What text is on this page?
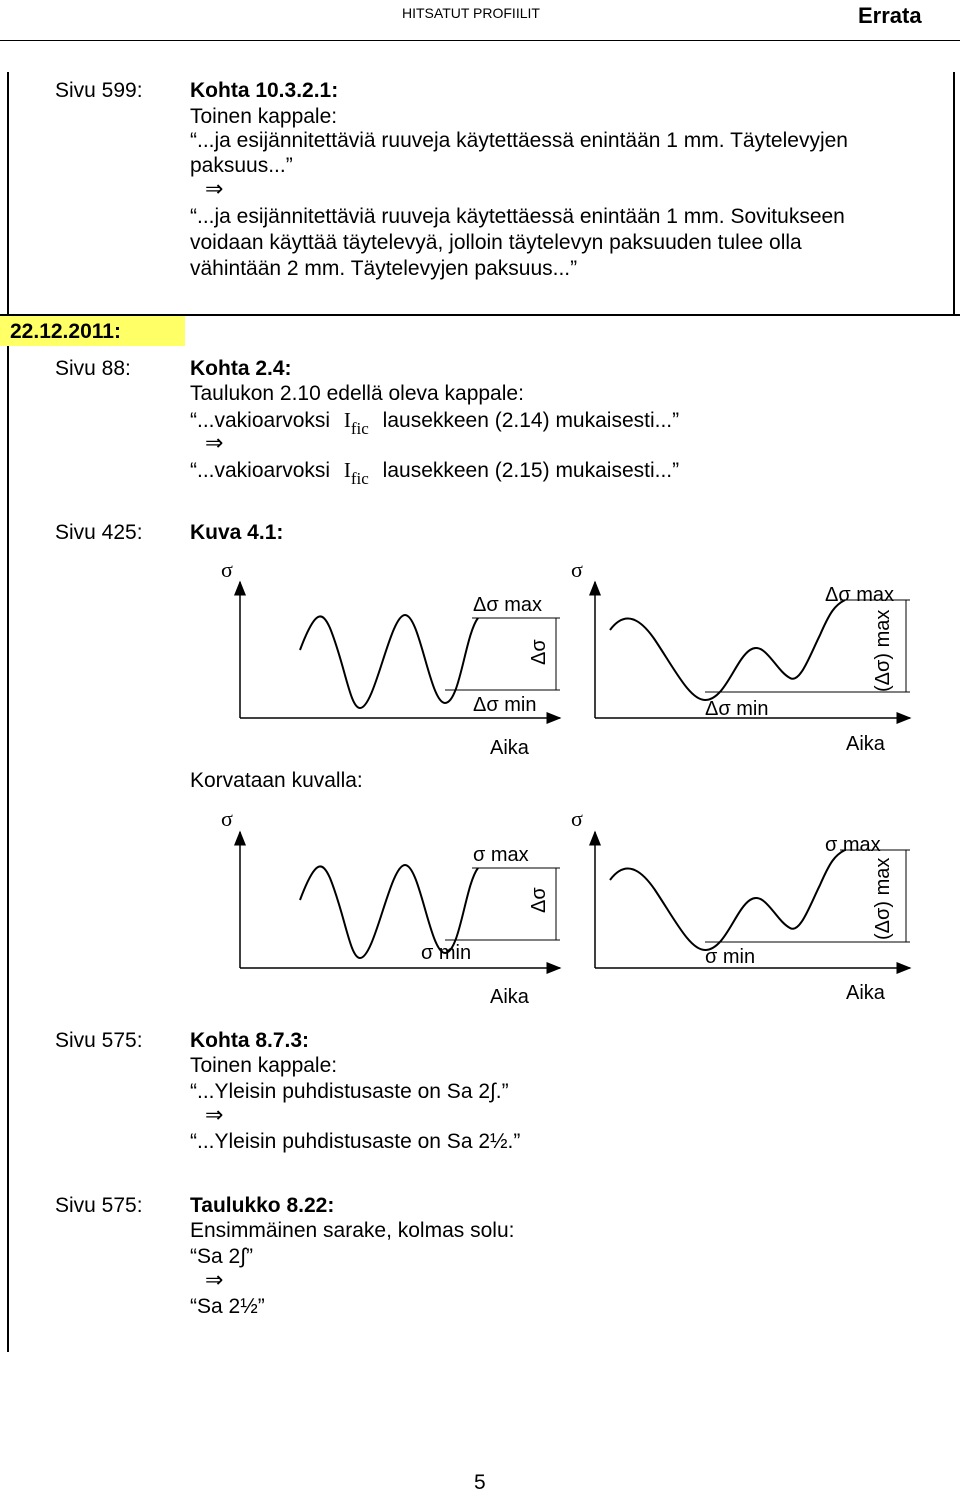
HITSATUT PROFIILIT	Errata
Sivu 599: Kohta 10.3.2.1:
Toinen kappale:
“...ja esijännitettäviä ruuveja käytettäessä enintään 1 mm. Täytelevyjen
paksuus...”
⇒
“...ja esijännitettäviä ruuveja käytettäessä enintään 1 mm. Sovitukseen
voidaan käyttää täytelevyä, jolloin täytelevyn paksuuden tulee olla
vähintään 2 mm. Täytelevyjen paksuus...”
22.12.2011:
Sivu 88:	Kohta 2.4:
Taulukon 2.10 edellä oleva kappale:
“...vakioarvoksi $I_{fic}$ lausekkeen (2.14) mukaisesti...”
⇒
“...vakioarvoksi $I_{fic}$ lausekkeen (2.15) mukaisesti...”
Sivu 425: Kuva 4.1:
Korvataan kuvalla:
σ
Δσ max
Δσ min
Δσ
Aika
σ
Δσ max
Δσ min
(Δσ) max
Aika
σ
σ max
σ min
Δσ
Aika
σ
σ max
σ min
(Δσ) max
Aika
Sivu 575: Kohta 8.7.3:
Toinen kappale:
“...Yleisin puhdistusaste on Sa 2∫.”
⇒
“...Yleisin puhdistusaste on Sa 2½.”
Sivu 575: Taulukko 8.22:
Ensimmäinen sarake, kolmas solu:
“Sa 2∫”
⇒
“Sa 2½”
5
